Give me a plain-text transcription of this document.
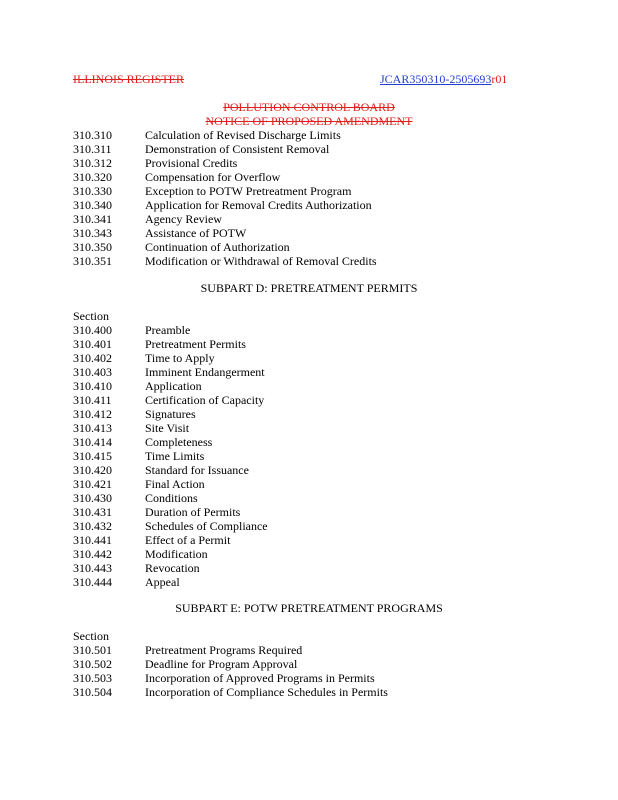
ILLINOIS REGISTER	JCAR350310-2505693r01
POLLUTION CONTROL BOARD
NOTICE OF PROPOSED AMENDMENT
310.310	Calculation of Revised Discharge Limits
310.311	Demonstration of Consistent Removal
310.312	Provisional Credits
310.320	Compensation for Overflow
310.330	Exception to POTW Pretreatment Program
310.340	Application for Removal Credits Authorization
310.341	Agency Review
310.343	Assistance of POTW
310.350	Continuation of Authorization
310.351	Modification or Withdrawal of Removal Credits
SUBPART D: PRETREATMENT PERMITS
Section
310.400	Preamble
310.401	Pretreatment Permits
310.402	Time to Apply
310.403	Imminent Endangerment
310.410	Application
310.411	Certification of Capacity
310.412	Signatures
310.413	Site Visit
310.414	Completeness
310.415	Time Limits
310.420	Standard for Issuance
310.421	Final Action
310.430	Conditions
310.431	Duration of Permits
310.432	Schedules of Compliance
310.441	Effect of a Permit
310.442	Modification
310.443	Revocation
310.444	Appeal
SUBPART E: POTW PRETREATMENT PROGRAMS
Section
310.501	Pretreatment Programs Required
310.502	Deadline for Program Approval
310.503	Incorporation of Approved Programs in Permits
310.504	Incorporation of Compliance Schedules in Permits
